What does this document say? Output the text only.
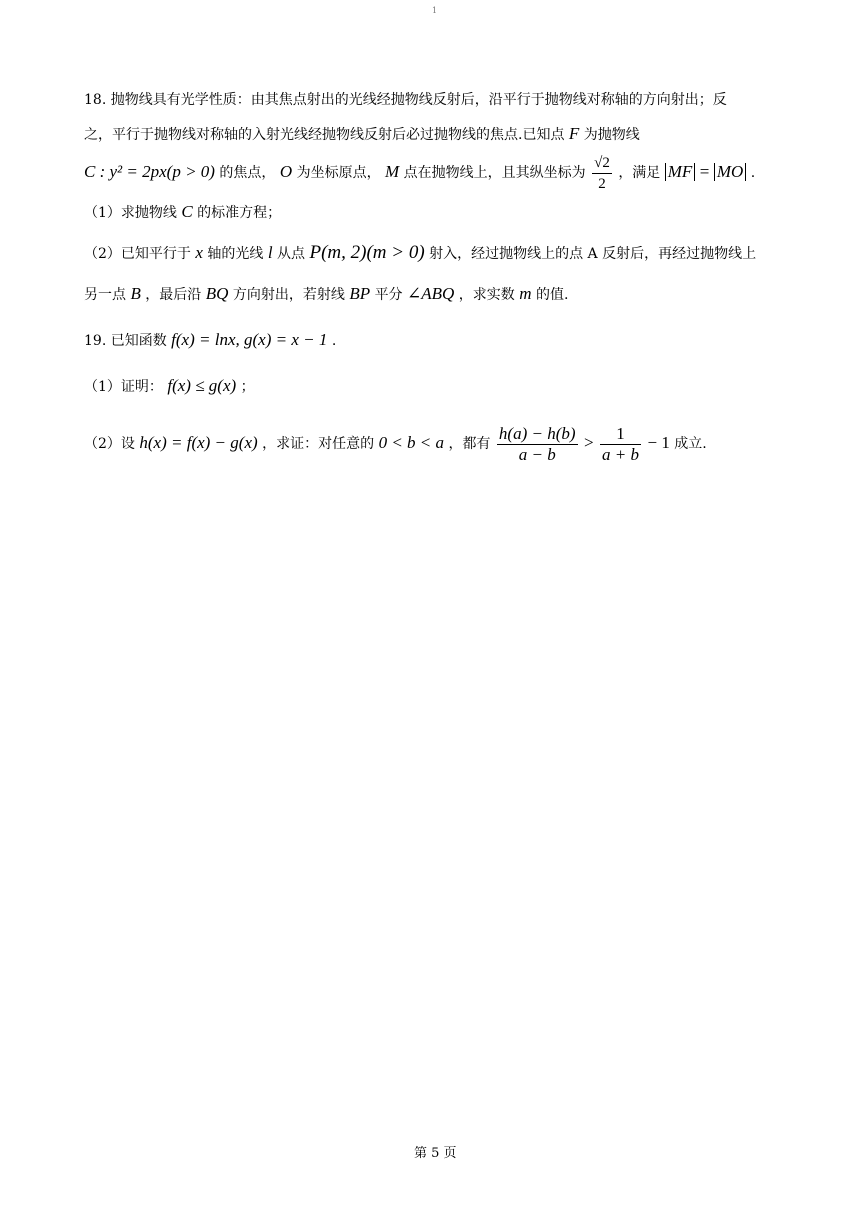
1
18. 抛物线具有光学性质：由其焦点射出的光线经抛物线反射后，沿平行于抛物线对称轴的方向射出；反
之，平行于抛物线对称轴的入射光线经抛物线反射后必过抛物线的焦点.已知点 F 为抛物线
C : y² = 2px(p > 0) 的焦点， O 为坐标原点， M 点在抛物线上，且其纵坐标为 $\frac{√2}{2}$ ，满足 MF = MO .
（1）求抛物线 C 的标准方程；
（2）已知平行于 x 轴的光线 l 从点 P(m, 2)(m > 0) 射入，经过抛物线上的点 A 反射后，再经过抛物线上
另一点 B ，最后沿 BQ 方向射出，若射线 BP 平分 ∠ABQ ，求实数 m 的值.
19. 已知函数 f(x) = lnx, g(x) = x − 1 .
（1）证明： f(x) ≤ g(x) ；
（2）设 h(x) = f(x) − g(x) ，求证：对任意的 0 < b < a ，都有 $\frac{h(a) - h(b)}{a - b} > \frac{1}{a + b} - 1$ 成立.
第 5 页
